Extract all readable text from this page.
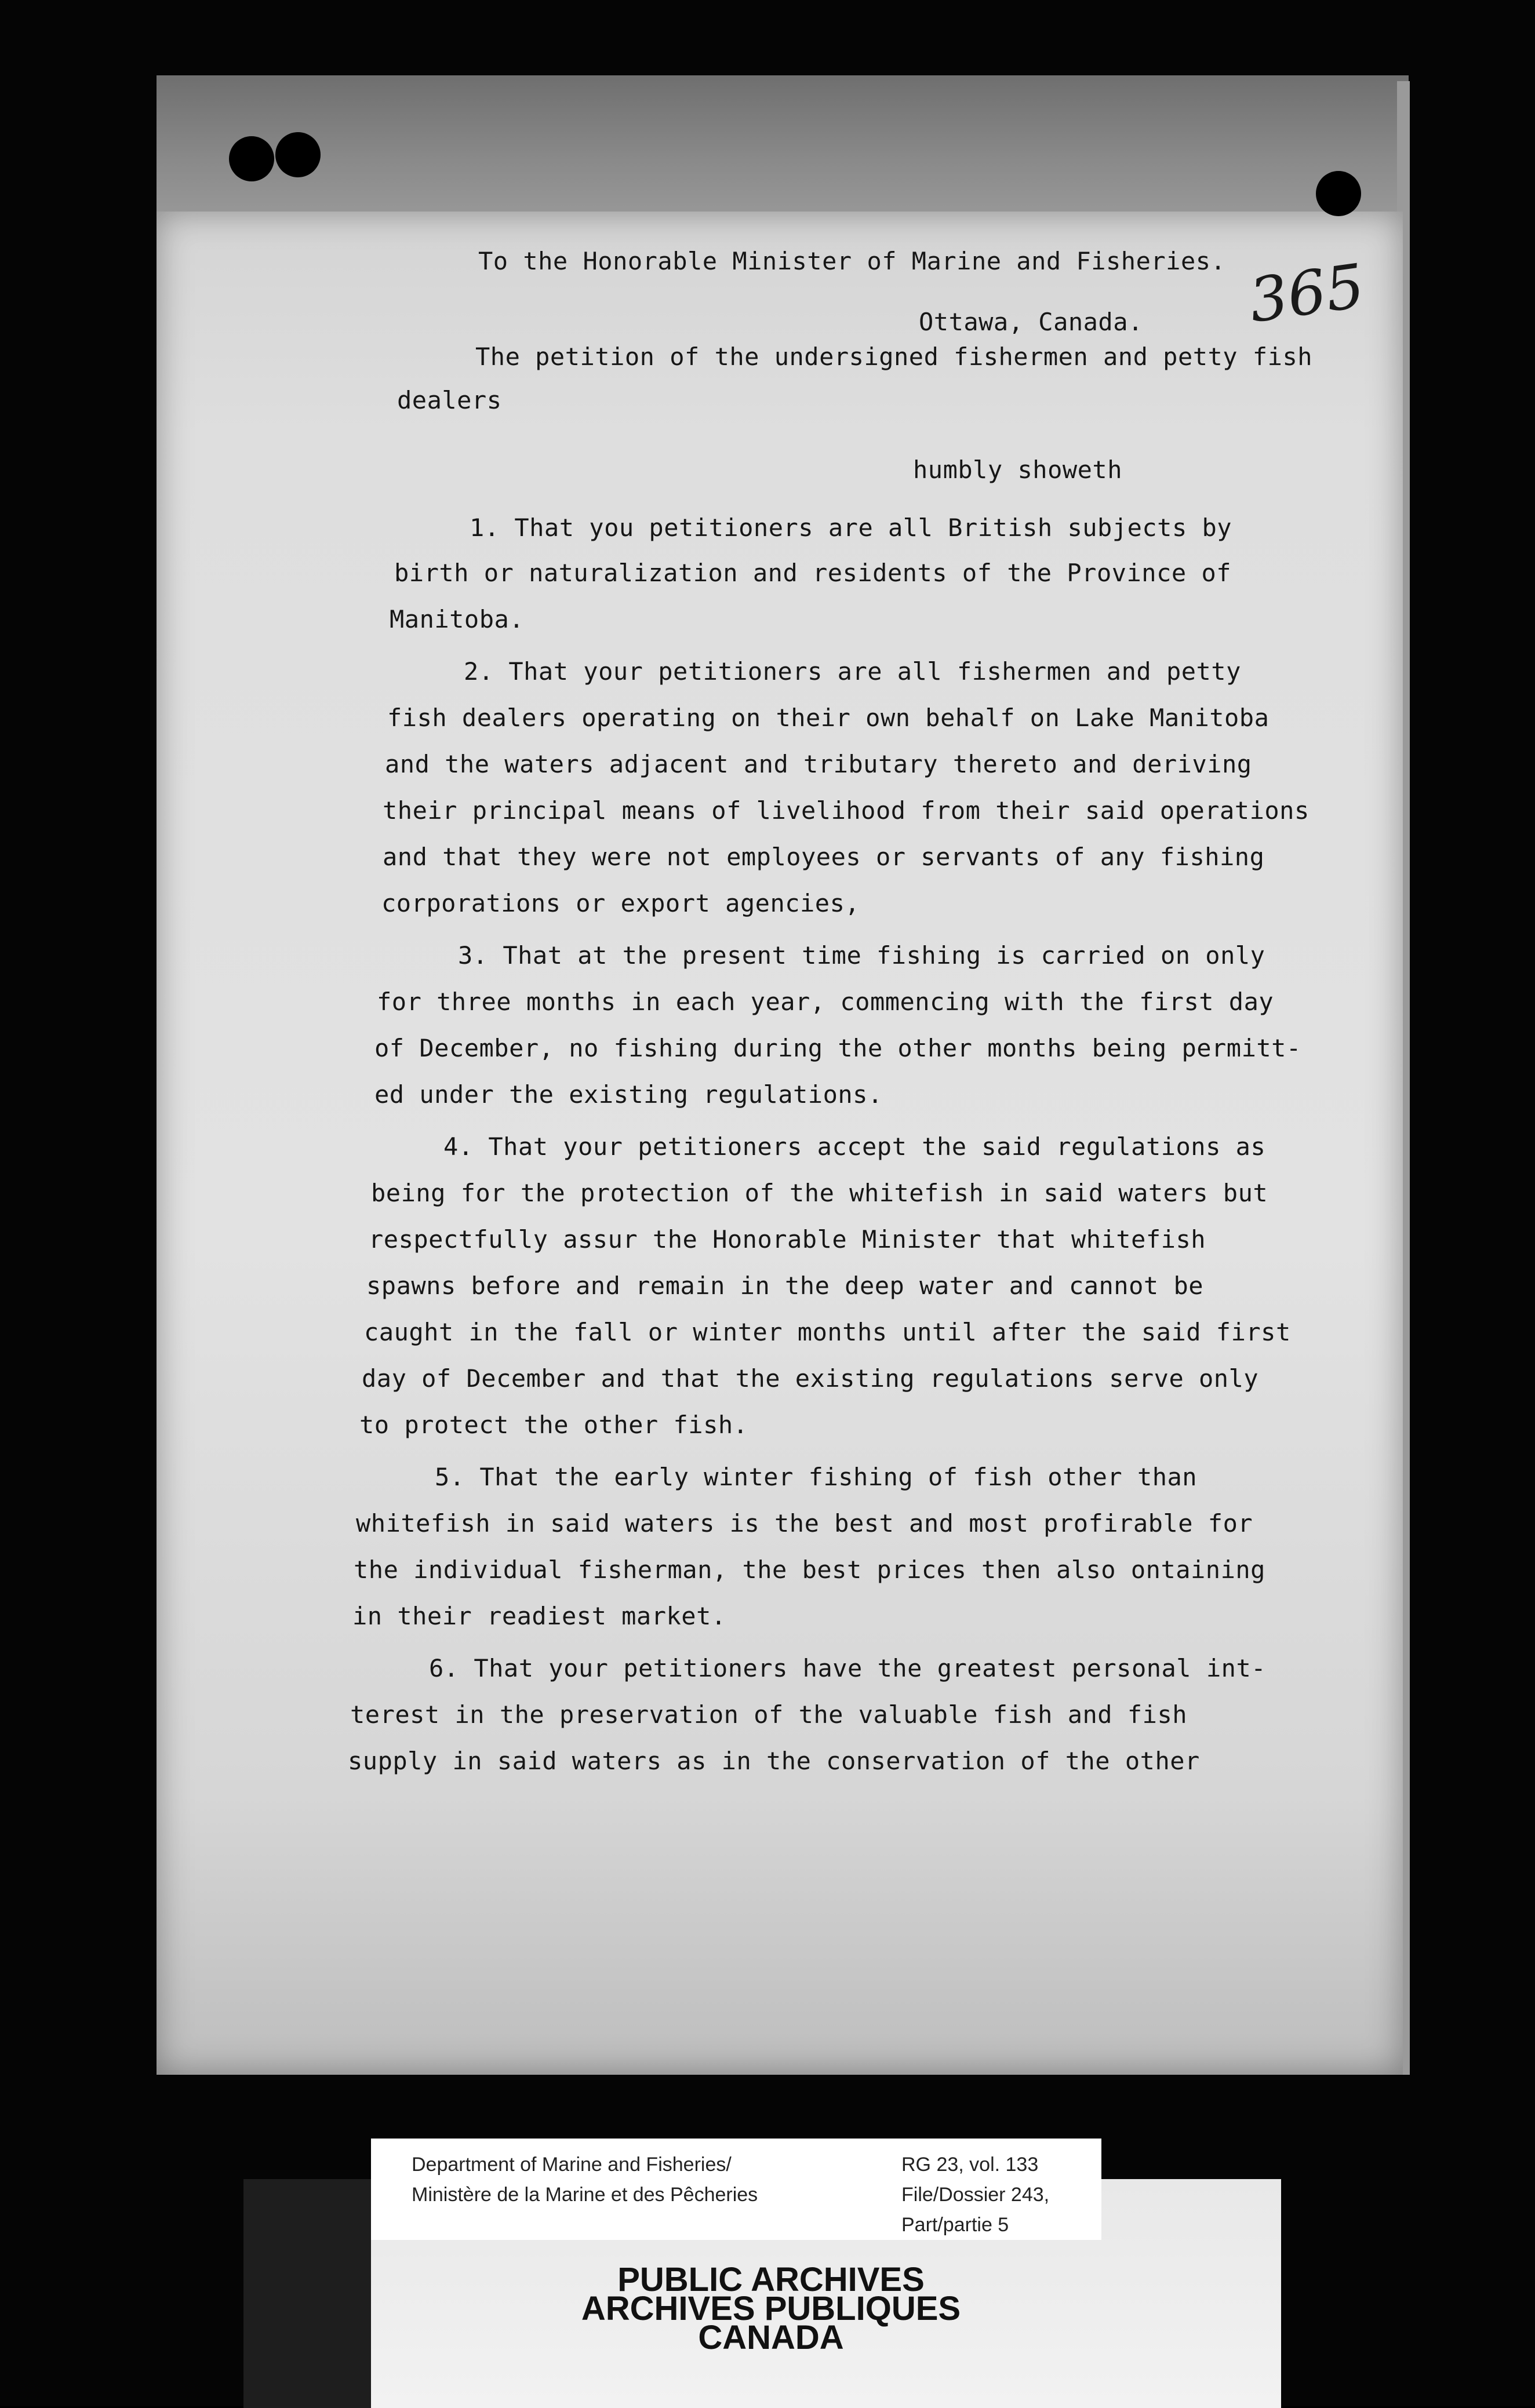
365
To the Honorable Minister of Marine and Fisheries.
Ottawa, Canada.
The petition of the undersigned fishermen and petty fish
dealers
humbly showeth
1. That you petitioners are all British subjects by
birth or naturalization and residents of the Province of
Manitoba.
2. That your petitioners are all fishermen and petty
fish dealers operating on their own behalf on Lake Manitoba
and the waters adjacent and tributary thereto and deriving
their principal means of livelihood from their said operations
and that they were not employees or servants of any fishing
corporations or export agencies,
3. That at the present time fishing is carried on only
for three months in each year, commencing with the first day
of December, no fishing during the other months being permitt-
ed under the existing regulations.
4. That your petitioners accept the said regulations as
being for the protection of the whitefish in said waters but
respectfully assur the Honorable Minister that whitefish
spawns before and remain in the deep water and cannot be
caught in the fall or winter months until after the said first
day of December and that the existing regulations serve only
to protect the other fish.
5. That the early winter fishing of fish other than
whitefish in said waters is the best and most profirable for
the individual fisherman, the best prices then also ontaining
in their readiest market.
6. That your petitioners have the greatest personal int-
terest in the preservation of the valuable fish and fish
supply in said waters as in the conservation of the other
Department of Marine and Fisheries/
Ministère de la Marine et des Pêcheries
RG 23, vol. 133
File/Dossier 243,
Part/partie 5
PUBLIC ARCHIVES
ARCHIVES PUBLIQUES
CANADA
